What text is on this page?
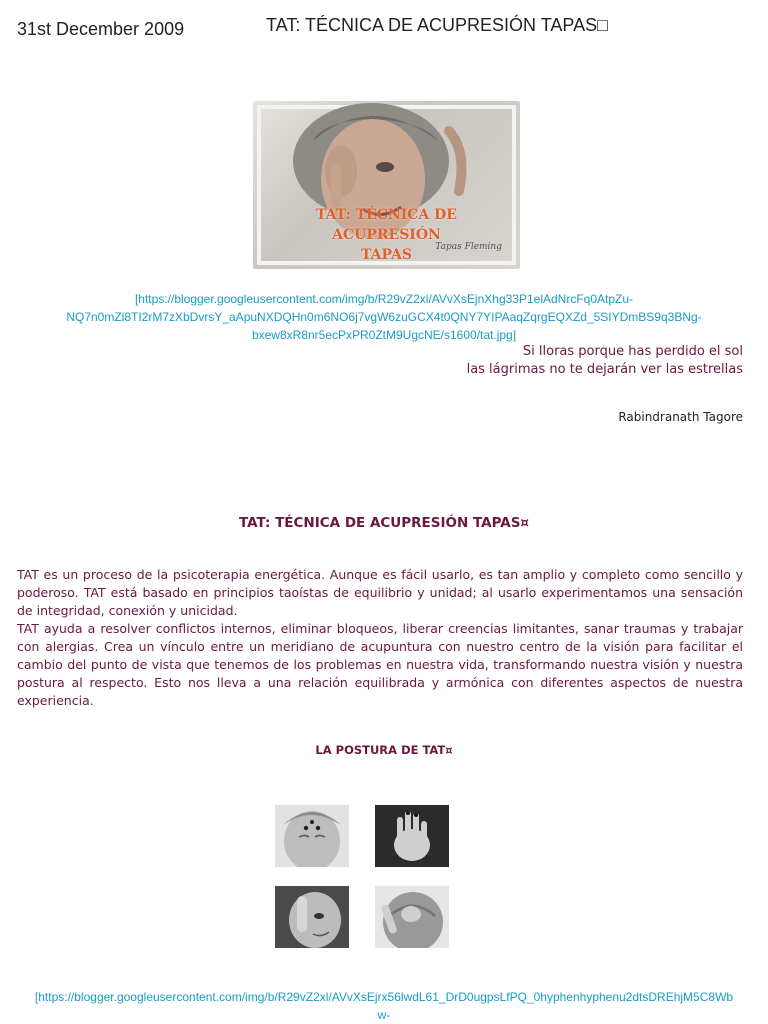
31st December 2009	TAT: TÉCNICA DE ACUPRESIÓN TAPAS□
TAT: TÉCNICA DE
ACUPRESIÓN
TAPAS	Tapas Fleming
[https://blogger.googleusercontent.com/img/b/R29vZ2xl/AVvXsEjnXhg33P1elAdNrcFq0AtpZu-
NQ7n0mZl8TI2rM7zXbDvrsY_aApuNXDQHn0m6NO6j7vgW6zuGCX4t0QNY7YIPAaqZqrgEQXZd_5SIYDmBS9q3BNg-
bxew8xR8nr5ecPxPR0ZtM9UgcNE/s1600/tat.jpg]
Si lloras porque has perdido el sol
las lágrimas no te dejarán ver las estrellas
Rabindranath Tagore
TAT: TÉCNICA DE ACUPRESIÓN TAPAS¤

TAT es un proceso de la psicoterapia energética. Aunque es fácil usarlo, es tan amplio y completo como sencillo y poderoso. TAT está basado en principios taoístas de equilibrio y unidad; al usarlo experimentamos una sensación de integridad, conexión y unicidad.

TAT ayuda a resolver conflictos internos, eliminar bloqueos, liberar creencias limitantes, sanar traumas y trabajar con alergias. Crea un vínculo entre un meridiano de acupuntura con nuestro centro de la visión para facilitar el cambio del punto de vista que tenemos de los problemas en nuestra vida, transformando nuestra visión y nuestra postura al respecto. Esto nos lleva a una relación equilibrada y armónica con diferentes aspectos de nuestra experiencia.

LA POSTURA DE TAT¤
[https://blogger.googleusercontent.com/img/b/R29vZ2xl/AVvXsEjrx56lwdL61_DrD0ugpsLfPQ_0hyphenhyphenu2dtsDREhjM5C8Wb
w-
